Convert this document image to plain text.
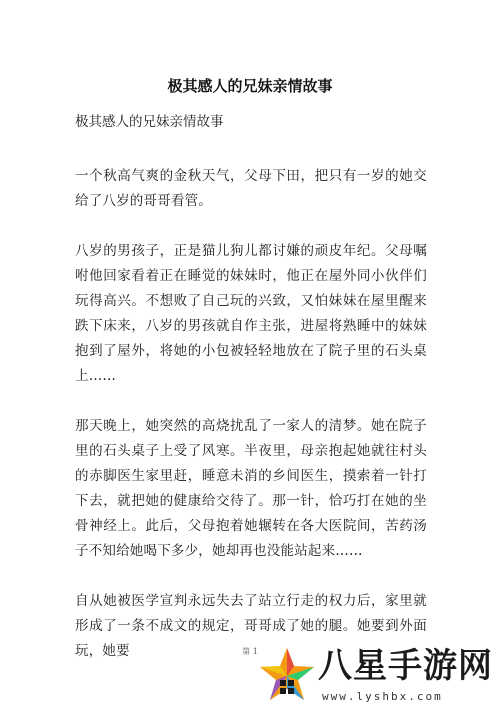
极其感人的兄妹亲情故事
极其感人的兄妹亲情故事

一个秋高气爽的金秋天气，父母下田，把只有一岁的她交给了八岁的哥哥看管。

八岁的男孩子，正是猫儿狗儿都讨嫌的顽皮年纪。父母嘱咐他回家看着正在睡觉的妹妹时，他正在屋外同小伙伴们玩得高兴。不想败了自己玩的兴致，又怕妹妹在屋里醒来跌下床来，八岁的男孩就自作主张，进屋将熟睡中的妹妹抱到了屋外，将她的小包被轻轻地放在了院子里的石头桌上……

那天晚上，她突然的高烧扰乱了一家人的清梦。她在院子里的石头桌子上受了风寒。半夜里，母亲抱起她就往村头的赤脚医生家里赶，睡意未消的乡间医生，摸索着一针打下去，就把她的健康给交待了。那一针，恰巧打在她的坐骨神经上。此后，父母抱着她辗转在各大医院间，苦药汤子不知给她喝下多少，她却再也没能站起来……

自从她被医学宣判永远失去了站立行走的权力后，家里就形成了一条不成文的规定，哥哥成了她的腿。她要到外面玩，她要	第 1	八星手游网
www.lyshbx.com
